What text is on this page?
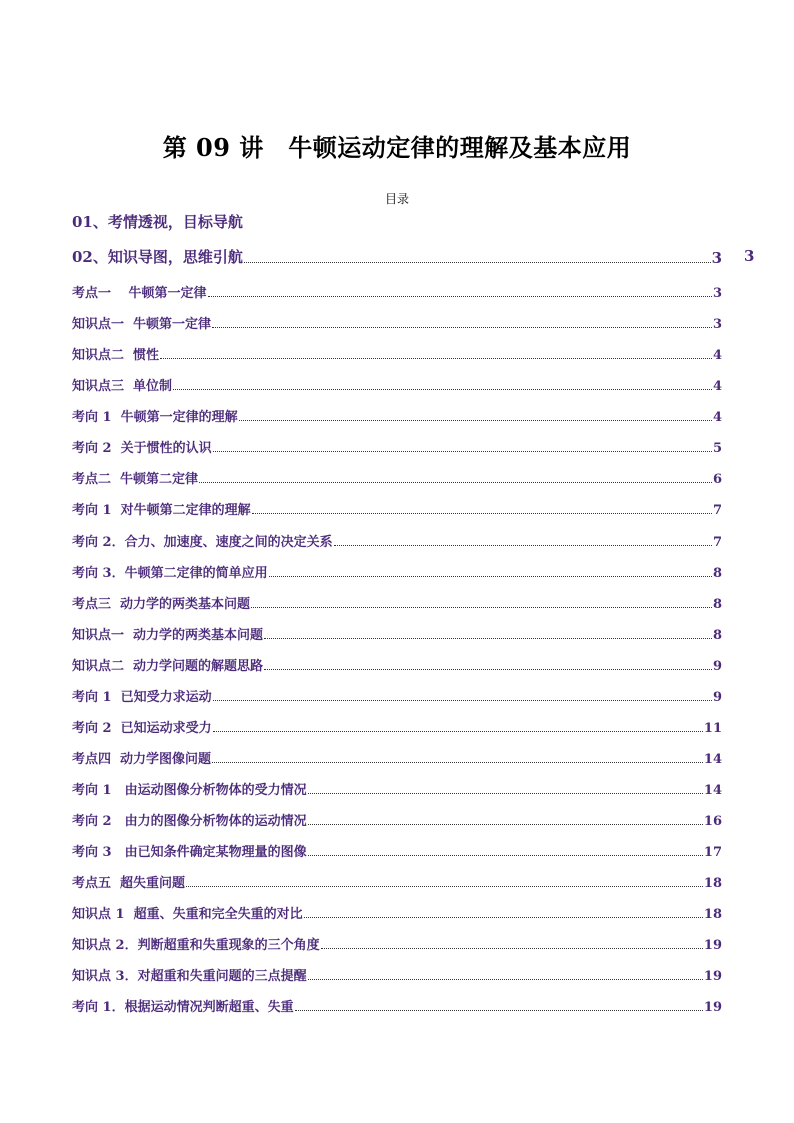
第 09 讲　牛顿运动定律的理解及基本应用
目录
01、考情透视，目标导航
02、知识导图，思维引航	3
考点一　 牛顿第一定律	3
知识点一  牛顿第一定律	3
知识点二  惯性	4
知识点三  单位制	4
考向 1  牛顿第一定律的理解	4
考向 2  关于惯性的认识	5
考点二  牛顿第二定律	6
考向 1  对牛顿第二定律的理解	7
考向 2．合力、加速度、速度之间的决定关系	7
考向 3．牛顿第二定律的简单应用	8
考点三  动力学的两类基本问题	8
知识点一  动力学的两类基本问题	8
知识点二  动力学问题的解题思路	9
考向 1  已知受力求运动	9
考向 2  已知运动求受力	11
考点四  动力学图像问题	14
考向 1　由运动图像分析物体的受力情况	14
考向 2　由力的图像分析物体的运动情况	16
考向 3　由已知条件确定某物理量的图像	17
考点五  超失重问题	18
知识点 1  超重、失重和完全失重的对比	18
知识点 2．判断超重和失重现象的三个角度	19
知识点 3．对超重和失重问题的三点提醒	19
考向 1．根据运动情况判断超重、失重	19
3
